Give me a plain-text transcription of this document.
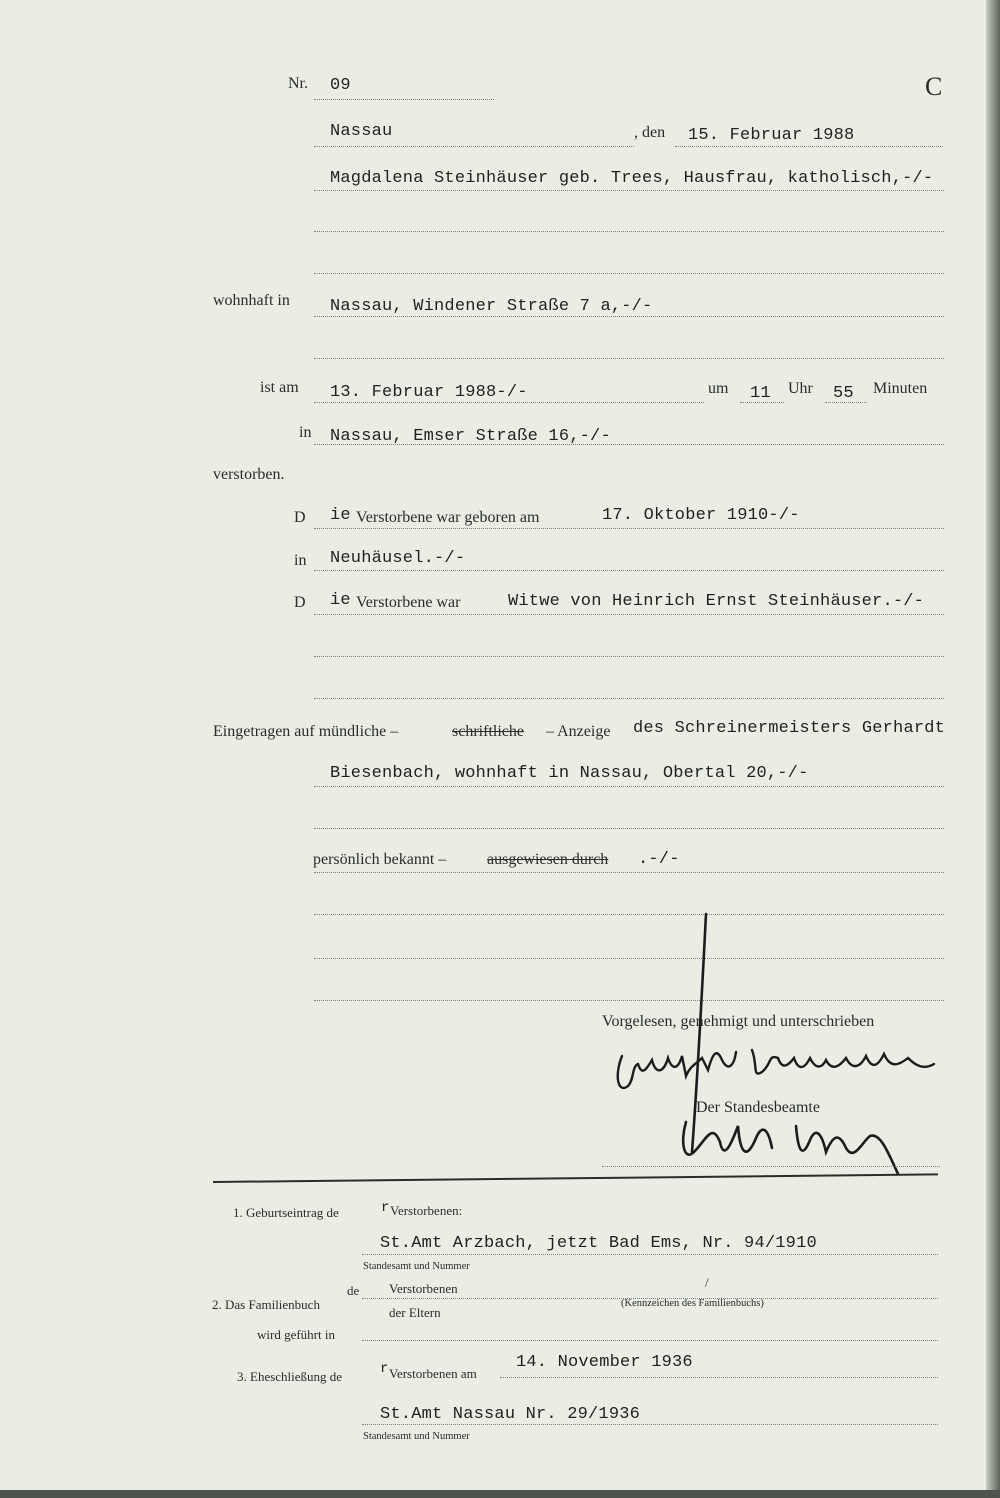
C
Nr. 09
Nassau	, den 15. Februar 1988
Magdalena Steinhäuser geb. Trees, Hausfrau, katholisch,-/-
wohnhaft in Nassau, Windener Straße 7 a,-/-
ist am 13. Februar 1988-/-	um 11 Uhr 55 Minuten
in Nassau, Emser Straße 16,-/-
verstorben.
D ie Verstorbene war geboren am	17. Oktober 1910-/-
in Neuhäusel.-/-
D ie Verstorbene war	Witwe von Heinrich Ernst Steinhäuser.-/-
Eingetragen auf mündliche –	schriftliche – Anzeige des Schreinermeisters Gerhardt
Biesenbach, wohnhaft in Nassau, Obertal 20,-/-
persönlich bekannt –	ausgewiesen durch .-/-
Vorgelesen, genehmigt und unterschrieben
Der Standesbeamte
1. Geburtseintrag de	r Verstorbenen:
St.Amt Arzbach, jetzt Bad Ems, Nr. 94/1910
Standesamt und Nummer
2. Das Familienbuch
de Verstorbenen
der Eltern
/
(Kennzeichen des Familienbuchs)
wird geführt in
3. Eheschließung de	r Verstorbenen am
14. November 1936
St.Amt Nassau Nr. 29/1936
Standesamt und Nummer
